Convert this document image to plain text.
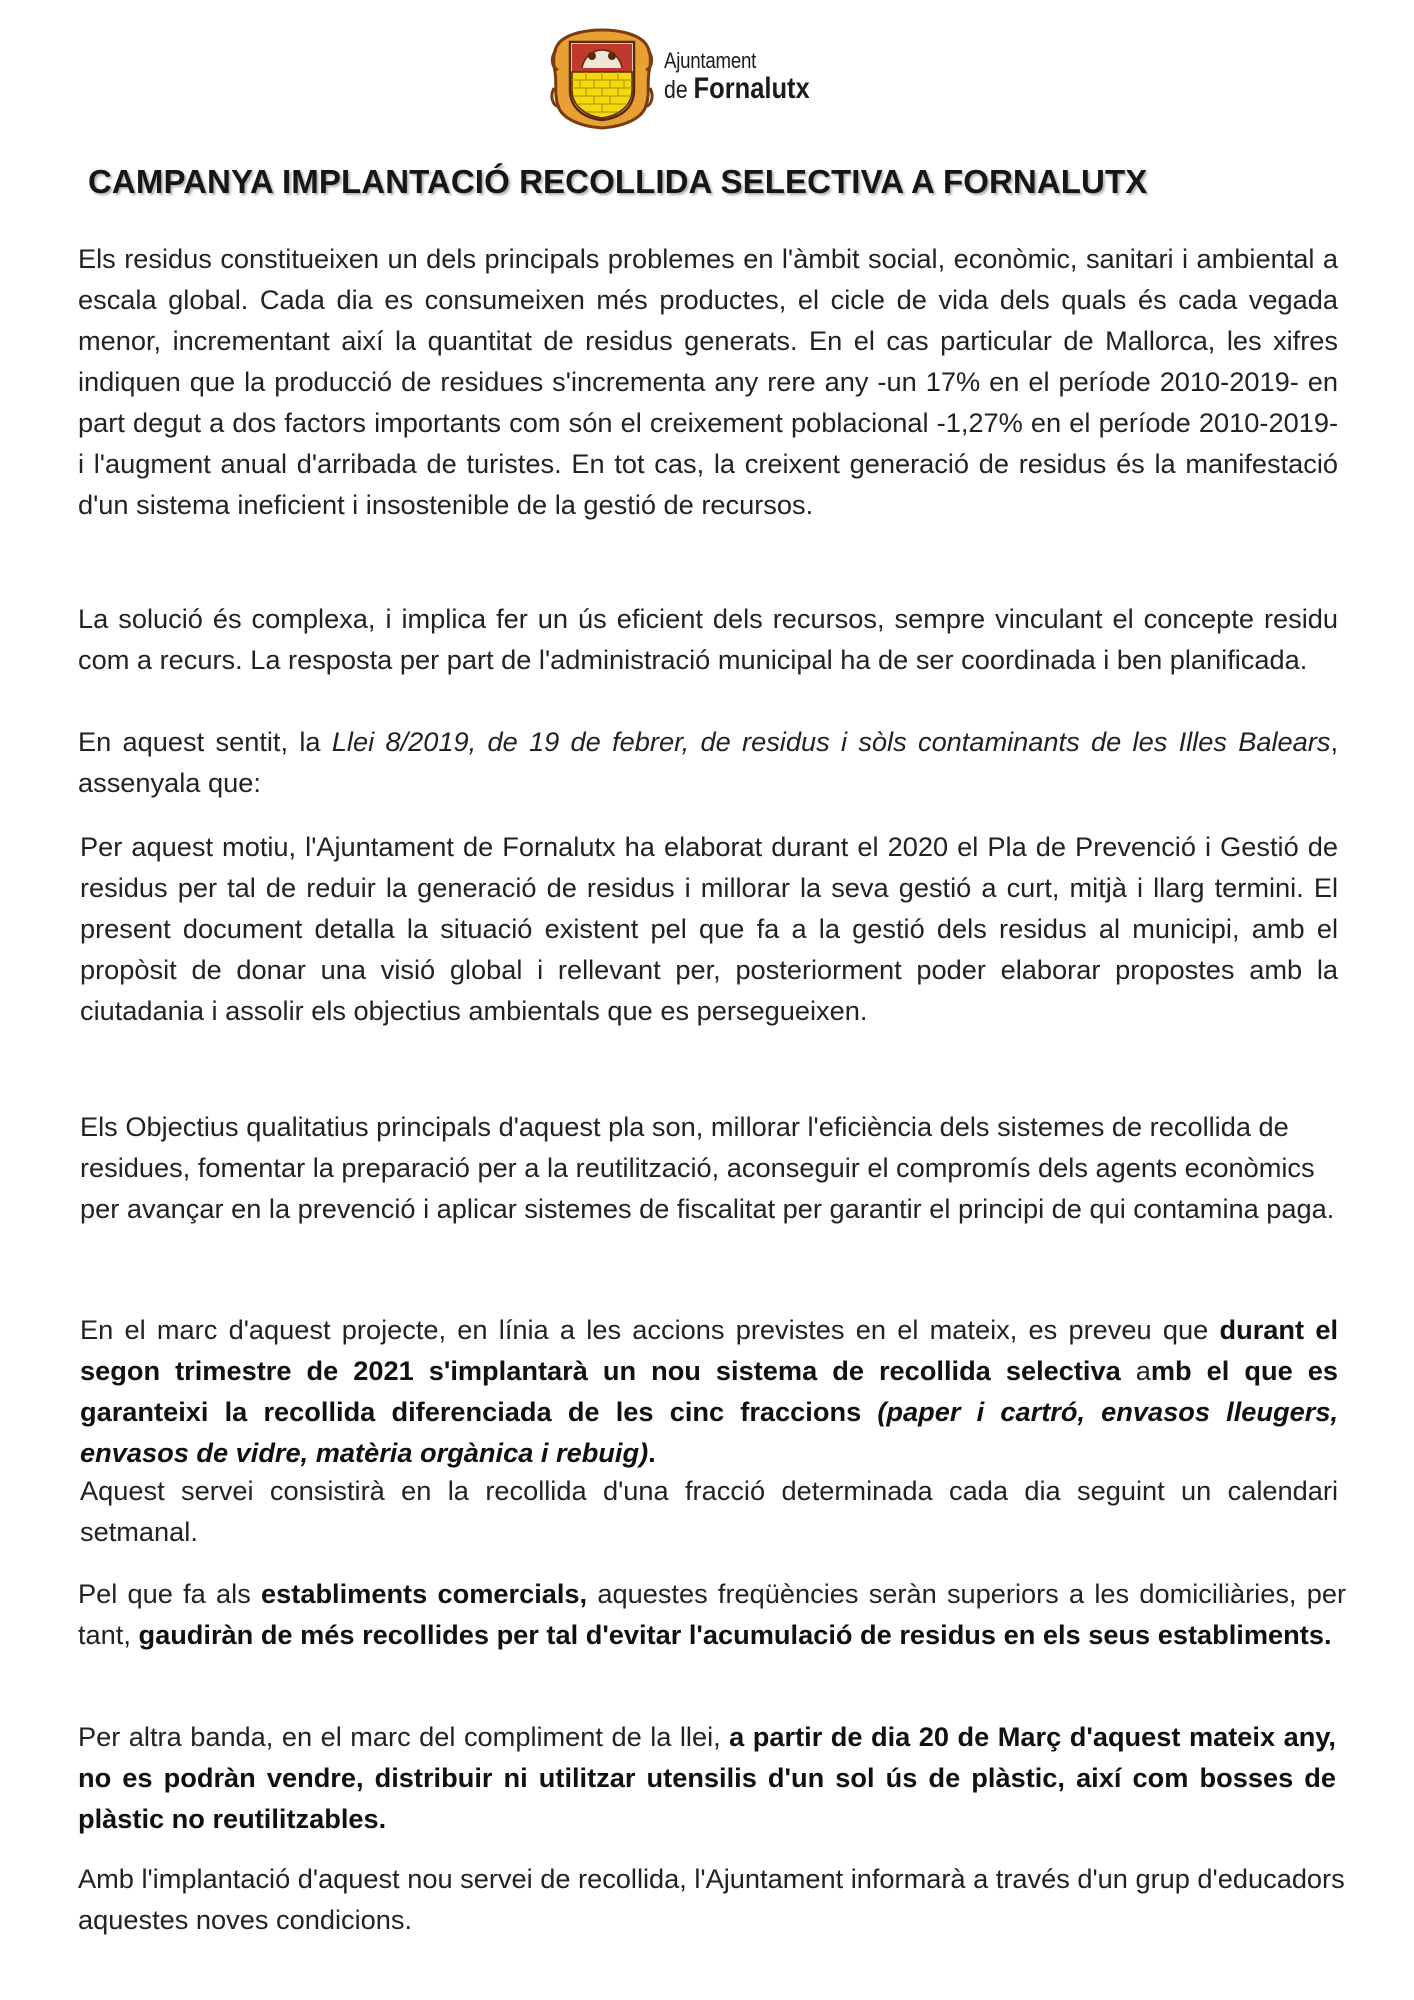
Ajuntament
de Fornalutx
CAMPANYA IMPLANTACIÓ RECOLLIDA SELECTIVA A FORNALUTX
Els residus constitueixen un dels principals problemes en l'àmbit social, econòmic, sanitari i ambiental a escala global. Cada dia es consumeixen més productes, el cicle de vida dels quals és cada vegada menor, incrementant així la quantitat de residus generats. En el cas particular de Mallorca, les xifres indiquen que la producció de residues s'incrementa any rere any -un 17% en el període 2010-2019- en part degut a dos factors importants com són el creixement poblacional -1,27% en el període 2010-2019- i l'augment anual d'arribada de turistes. En tot cas, la creixent generació de residus és la manifestació d'un sistema ineficient i insostenible de la gestió de recursos.
La solució és complexa, i implica fer un ús eficient dels recursos, sempre vinculant el concepte residu com a recurs. La resposta per part de l'administració municipal ha de ser coordinada i ben planificada.
En aquest sentit, la Llei 8/2019, de 19 de febrer, de residus i sòls contaminants de les Illes Balears, assenyala que:
Per aquest motiu, l'Ajuntament de Fornalutx ha elaborat durant el 2020 el Pla de Prevenció i Gestió de residus per tal de reduir la generació de residus i millorar la seva gestió a curt, mitjà i llarg termini. El present document detalla la situació existent pel que fa a la gestió dels residus al municipi, amb el propòsit de donar una visió global i rellevant per, posteriorment poder elaborar propostes amb la ciutadania i assolir els objectius ambientals que es persegueixen.
Els Objectius qualitatius principals d'aquest pla son, millorar l'eficiència dels sistemes de recollida de residues, fomentar la preparació per a la reutilització, aconseguir el compromís dels agents econòmics per avançar en la prevenció i aplicar sistemes de fiscalitat per garantir el principi de qui contamina paga.
En el marc d'aquest projecte, en línia a les accions previstes en el mateix, es preveu que durant el segon trimestre de 2021 s'implantarà un nou sistema de recollida selectiva amb el que es garanteixi la recollida diferenciada de les cinc fraccions (paper i cartró, envasos lleugers, envasos de vidre, matèria orgànica i rebuig).
Aquest servei consistirà en la recollida d'una fracció determinada cada dia seguint un calendari setmanal.
Pel que fa als establiments comercials, aquestes freqüències seràn superiors a les domiciliàries, per tant, gaudiràn de més recollides per tal d'evitar l'acumulació de residus en els seus establiments.
Per altra banda, en el marc del compliment de la llei, a partir de dia 20 de Març d'aquest mateix any, no es podràn vendre, distribuir ni utilitzar utensilis d'un sol ús de plàstic, així com bosses de plàstic no reutilitzables.
Amb l'implantació d'aquest nou servei de recollida, l'Ajuntament informarà a través d'un grup d'educadors aquestes noves condicions.
